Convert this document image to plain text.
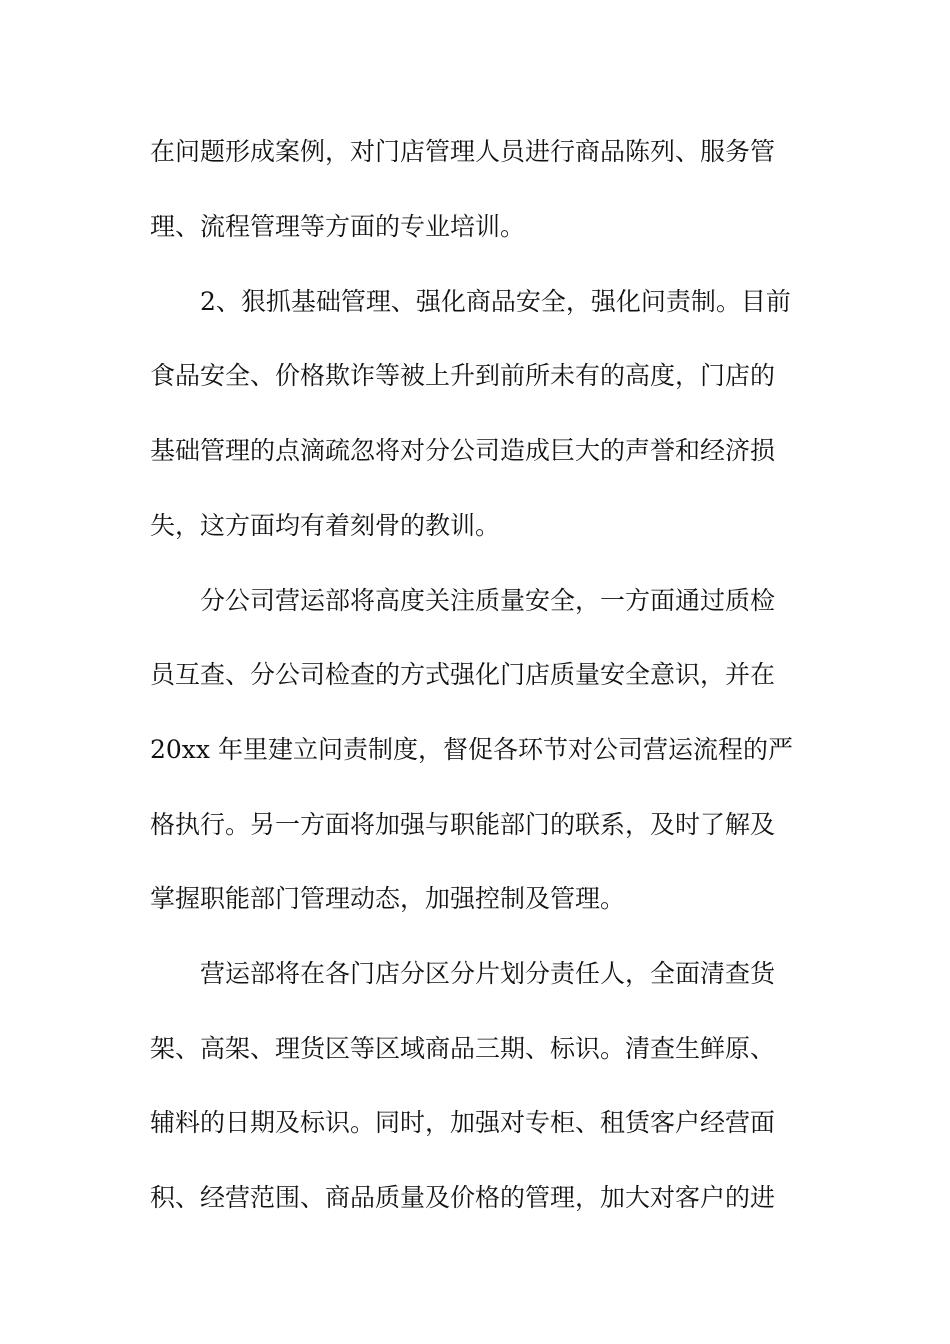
在问题形成案例，对门店管理人员进行商品陈列、服务管
理、流程管理等方面的专业培训。
2、狠抓基础管理、强化商品安全，强化问责制。目前
食品安全、价格欺诈等被上升到前所未有的高度，门店的
基础管理的点滴疏忽将对分公司造成巨大的声誉和经济损
失，这方面均有着刻骨的教训。
分公司营运部将高度关注质量安全，一方面通过质检
员互查、分公司检查的方式强化门店质量安全意识，并在
20xx 年里建立问责制度，督促各环节对公司营运流程的严
格执行。另一方面将加强与职能部门的联系，及时了解及
掌握职能部门管理动态，加强控制及管理。
营运部将在各门店分区分片划分责任人，全面清查货
架、高架、理货区等区域商品三期、标识。清查生鲜原、
辅料的日期及标识。同时，加强对专柜、租赁客户经营面
积、经营范围、商品质量及价格的管理，加大对客户的进
